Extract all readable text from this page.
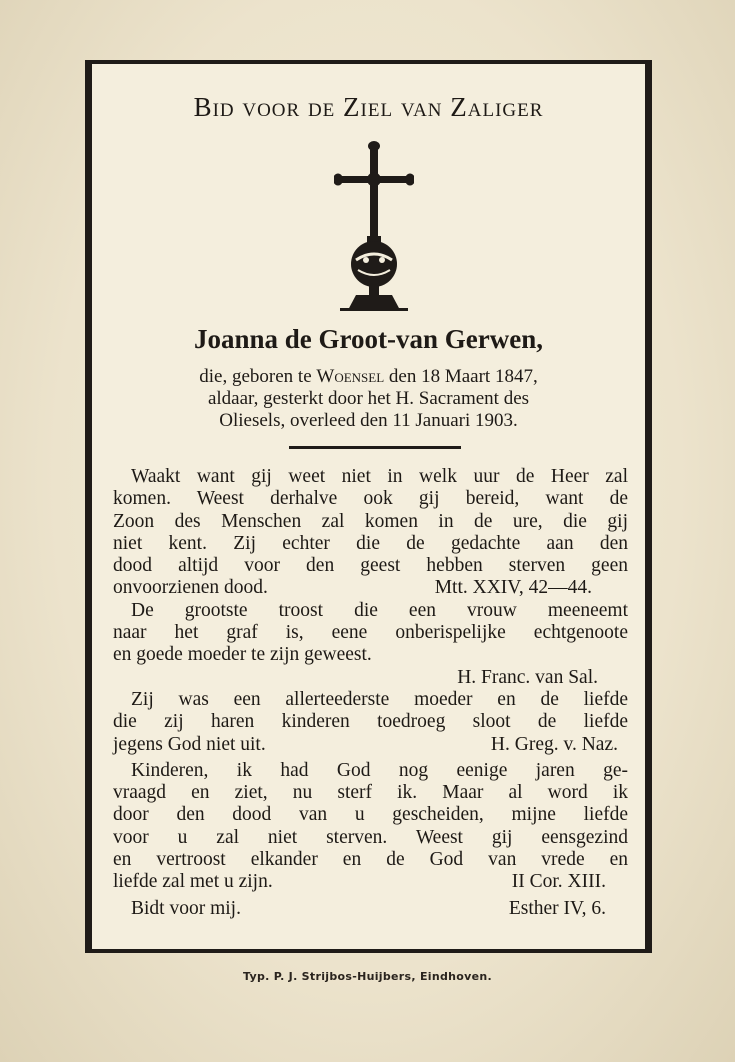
Bid voor de Ziel van Zaliger
Joanna de Groot-van Gerwen,
die, geboren te Woensel den 18 Maart 1847,
aldaar, gesterkt door het H. Sacrament des
Oliesels, overleed den 11 Januari 1903.

Waakt want gij weet niet in welk uur de Heer zal

komen. Weest derhalve ook gij bereid, want de

Zoon des Menschen zal komen in de ure, die gij

niet kent. Zij echter die de gedachte aan den

dood altijd voor den geest hebben sterven geen

onvoorzienen dood.	Mtt. XXIV, 42—44.

De grootste troost die een vrouw meeneemt

naar het graf is, eene onberispelijke echtgenoote

en goede moeder te zijn geweest.

H. Franc. van Sal.

Zij was een allerteederste moeder en de liefde

die zij haren kinderen toedroeg sloot de liefde

jegens God niet uit.	H. Greg. v. Naz.

Kinderen, ik had God nog eenige jaren ge-

vraagd en ziet, nu sterf ik. Maar al word ik

door den dood van u gescheiden, mijne liefde

voor u zal niet sterven. Weest gij eensgezind

en vertroost elkander en de God van vrede en

liefde zal met u zijn.	II Cor. XIII.
Bidt voor mij.	Esther IV, 6.
Typ. P. J. Strijbos-Huijbers, Eindhoven.
